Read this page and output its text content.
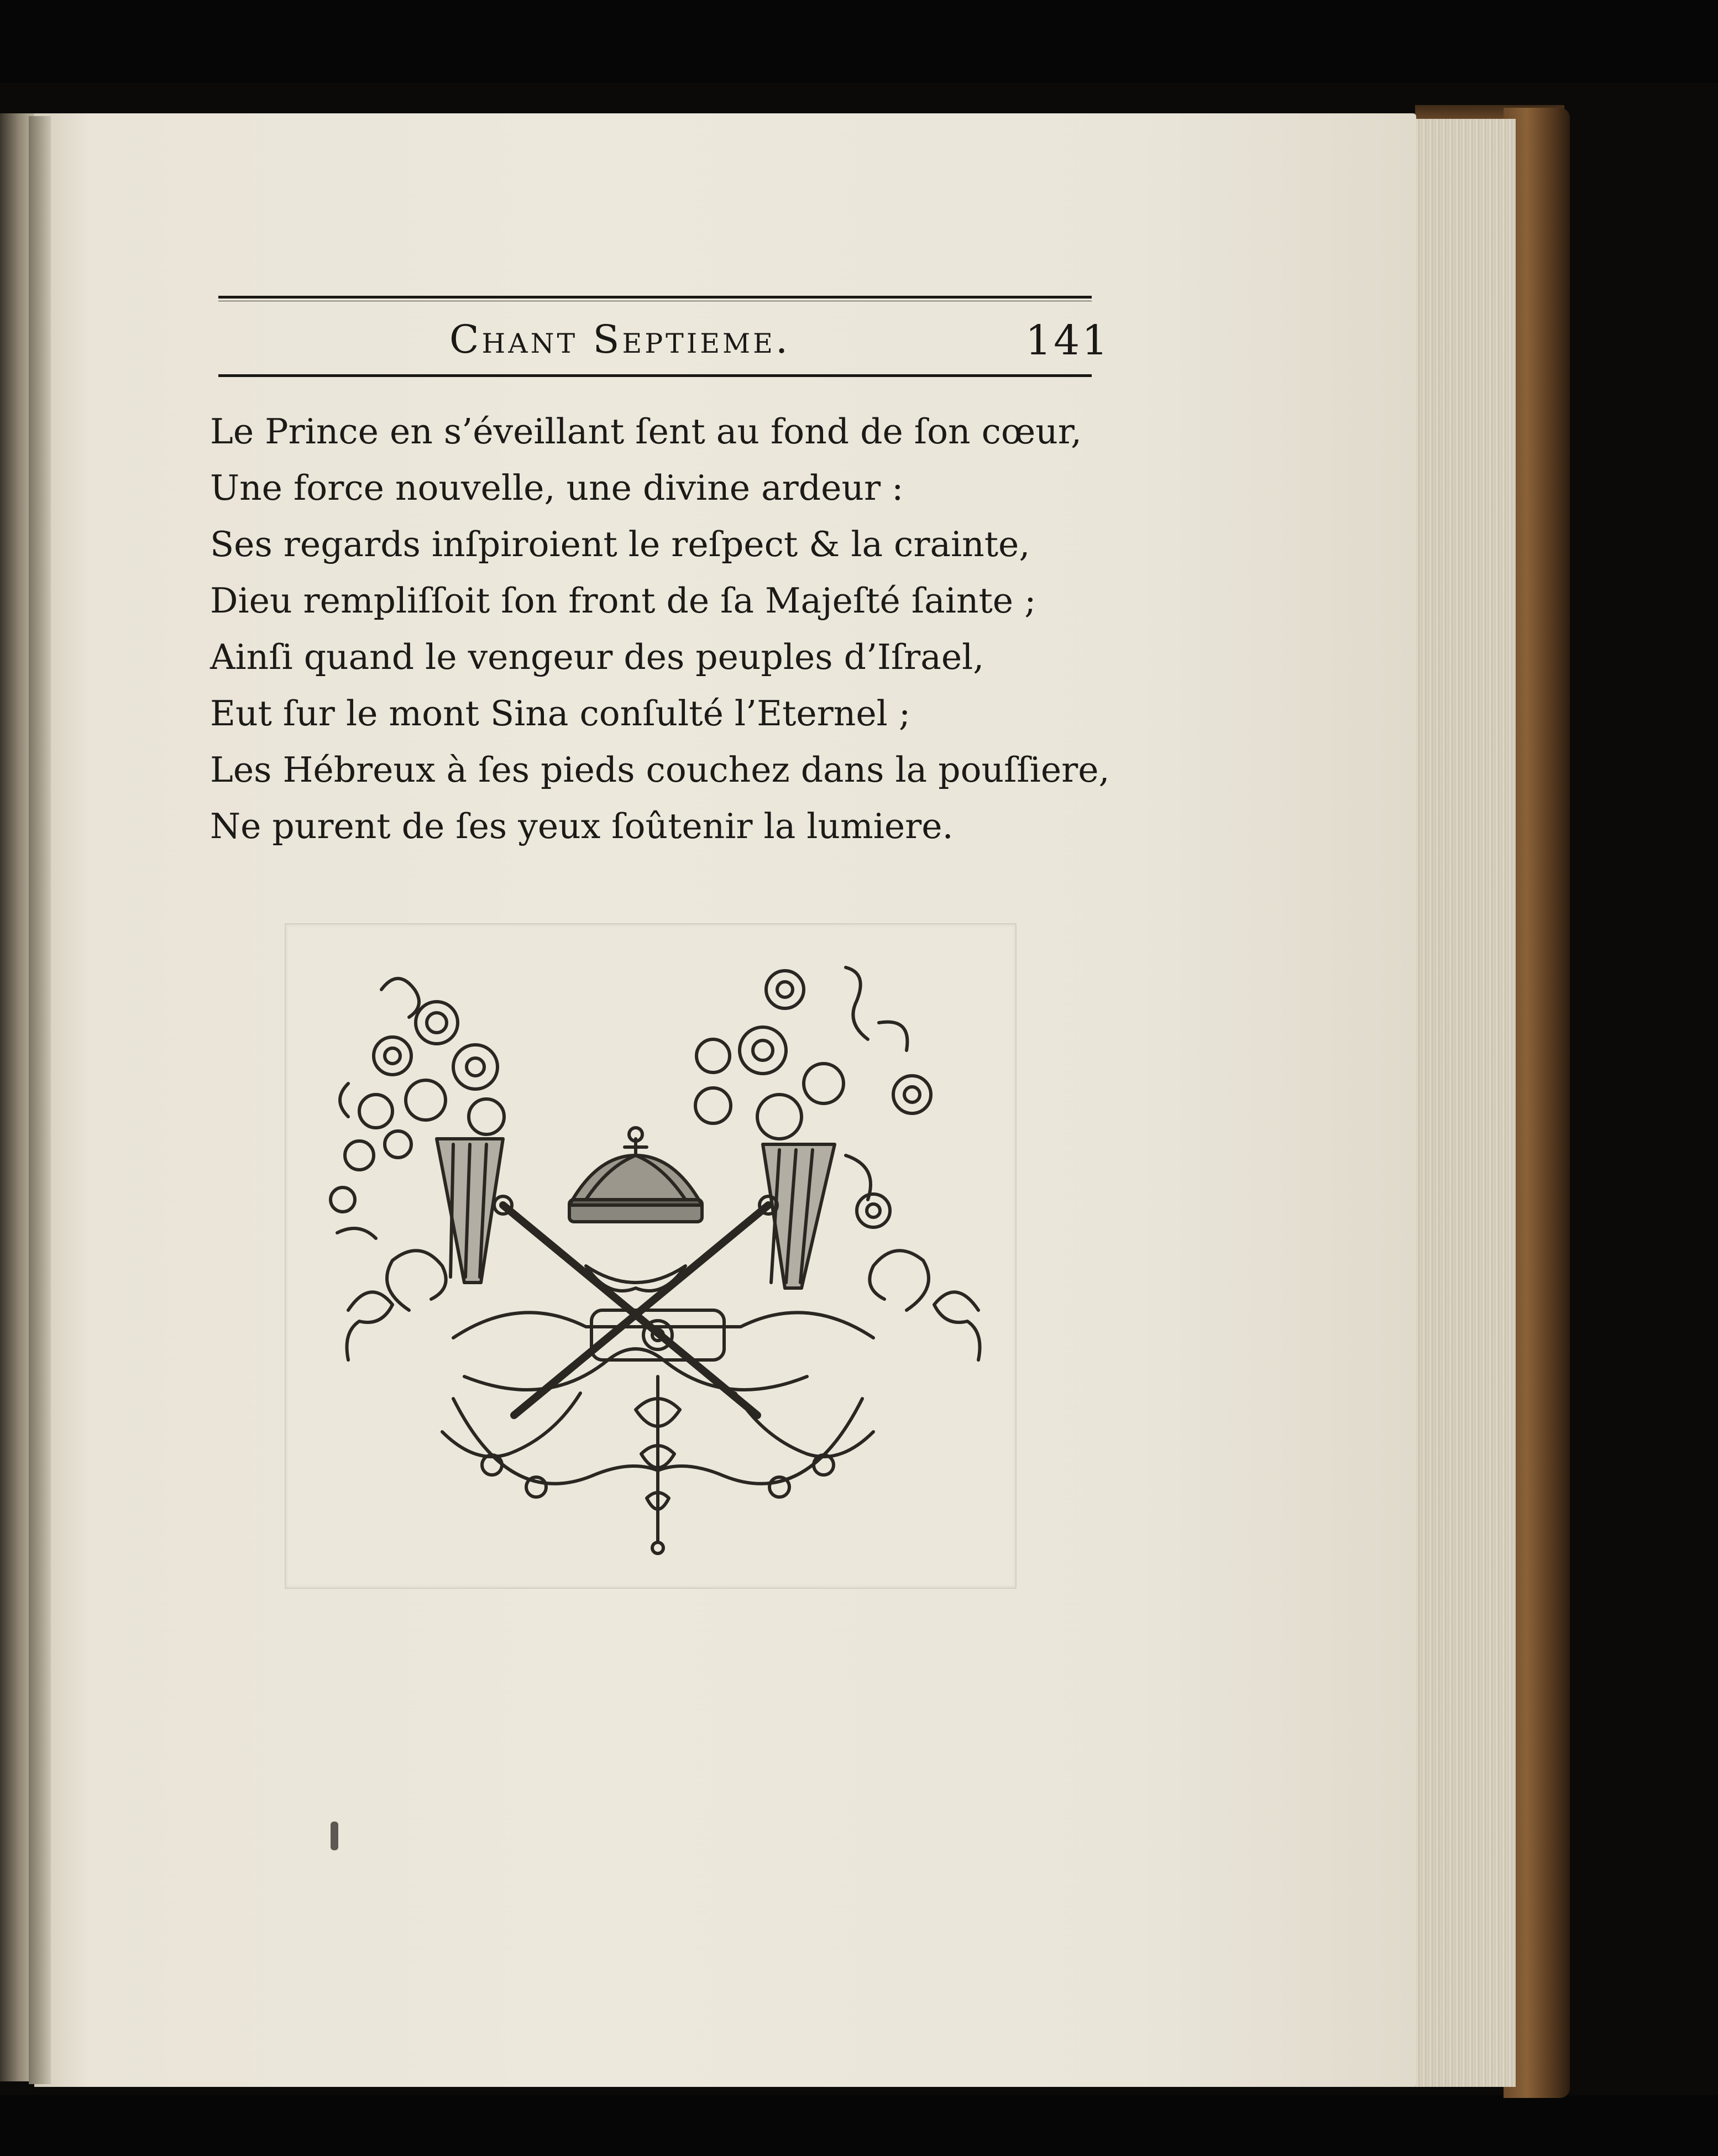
Chant Septieme.	141
Le Prince en s’éveillant ſent au fond de ſon cœur,
Une force nouvelle, une divine ardeur :
Ses regards inſpiroient le reſpect & la crainte,
Dieu rempliſſoit ſon front de ſa Majeſté ſainte ;
Ainſi quand le vengeur des peuples d’Iſrael,
Eut ſur le mont Sina conſulté l’Eternel ;
Les Hébreux à ſes pieds couchez dans la pouſſiere,
Ne purent de ſes yeux ſoûtenir la lumiere.
